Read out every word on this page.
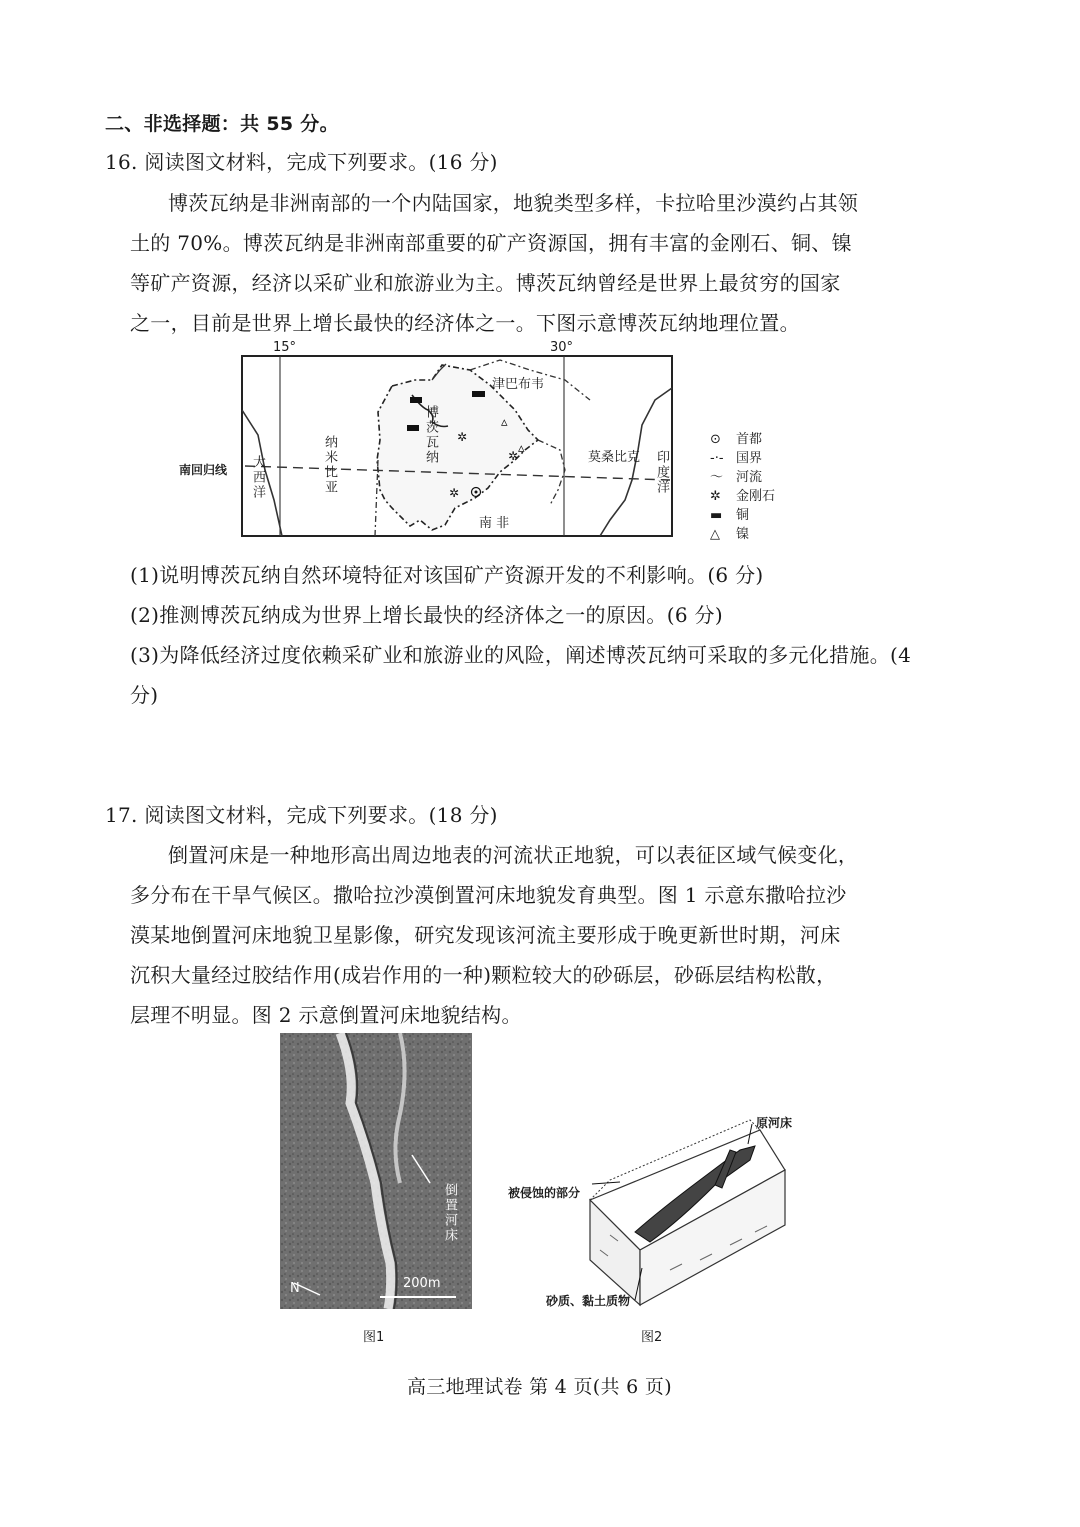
二、非选择题：共 55 分。
16. 阅读图文材料，完成下列要求。(16 分)
博茨瓦纳是非洲南部的一个内陆国家，地貌类型多样，卡拉哈里沙漠约占其领
土的 70%。博茨瓦纳是非洲南部重要的矿产资源国，拥有丰富的金刚石、铜、镍
等矿产资源，经济以采矿业和旅游业为主。博茨瓦纳曾经是世界上最贫穷的国家
之一，目前是世界上增长最快的经济体之一。下图示意博茨瓦纳地理位置。
15°	30°
✲
✲
✲
▵
▵
南回归线
津巴布韦
博茨瓦纳
纳米比亚	莫桑比克
南 非
大西洋	印度洋
⊙ 首都
-·- 国界
〜 河流
✲ 金刚石
▬ 铜
△ 镍
(1)说明博茨瓦纳自然环境特征对该国矿产资源开发的不利影响。(6 分)
(2)推测博茨瓦纳成为世界上增长最快的经济体之一的原因。(6 分)
(3)为降低经济过度依赖采矿业和旅游业的风险，阐述博茨瓦纳可采取的多元化措施。(4
分)
17. 阅读图文材料，完成下列要求。(18 分)
倒置河床是一种地形高出周边地表的河流状正地貌，可以表征区域气候变化，
多分布在干旱气候区。撒哈拉沙漠倒置河床地貌发育典型。图 1 示意东撒哈拉沙
漠某地倒置河床地貌卫星影像，研究发现该河流主要形成于晚更新世时期，河床
沉积大量经过胶结作用(成岩作用的一种)颗粒较大的砂砾层，砂砾层结构松散，
层理不明显。图 2 示意倒置河床地貌结构。
倒置河床
200m
N
图1
原河床
被侵蚀的部分
砂质、黏土质物
图2
高三地理试卷 第 4 页(共 6 页)
